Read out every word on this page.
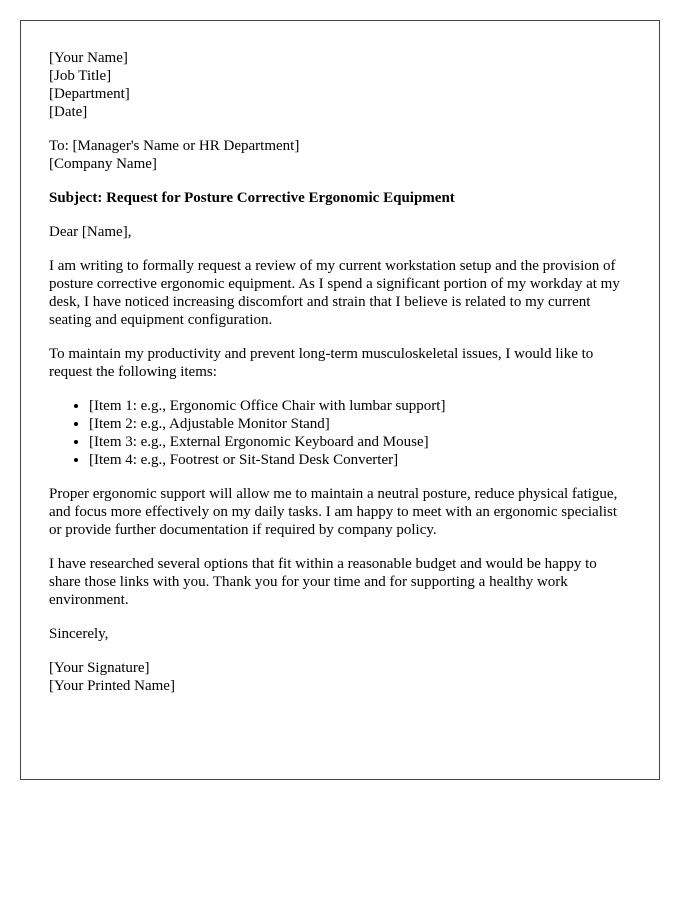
[Your Name]
[Job Title]
[Department]
[Date]
To: [Manager's Name or HR Department]
[Company Name]
Subject: Request for Posture Corrective Ergonomic Equipment
Dear [Name],

I am writing to formally request a review of my current workstation setup and the provision of posture corrective ergonomic equipment. As I spend a significant portion of my workday at my desk, I have noticed increasing discomfort and strain that I believe is related to my current seating and equipment configuration.

To maintain my productivity and prevent long-term musculoskeletal issues, I would like to request the following items:

• [Item 1: e.g., Ergonomic Office Chair with lumbar support]
• [Item 2: e.g., Adjustable Monitor Stand]
• [Item 3: e.g., External Ergonomic Keyboard and Mouse]
• [Item 4: e.g., Footrest or Sit-Stand Desk Converter]

Proper ergonomic support will allow me to maintain a neutral posture, reduce physical fatigue, and focus more effectively on my daily tasks. I am happy to meet with an ergonomic specialist or provide further documentation if required by company policy.

I have researched several options that fit within a reasonable budget and would be happy to share those links with you. Thank you for your time and for supporting a healthy work environment.

Sincerely,
[Your Signature]
[Your Printed Name]
